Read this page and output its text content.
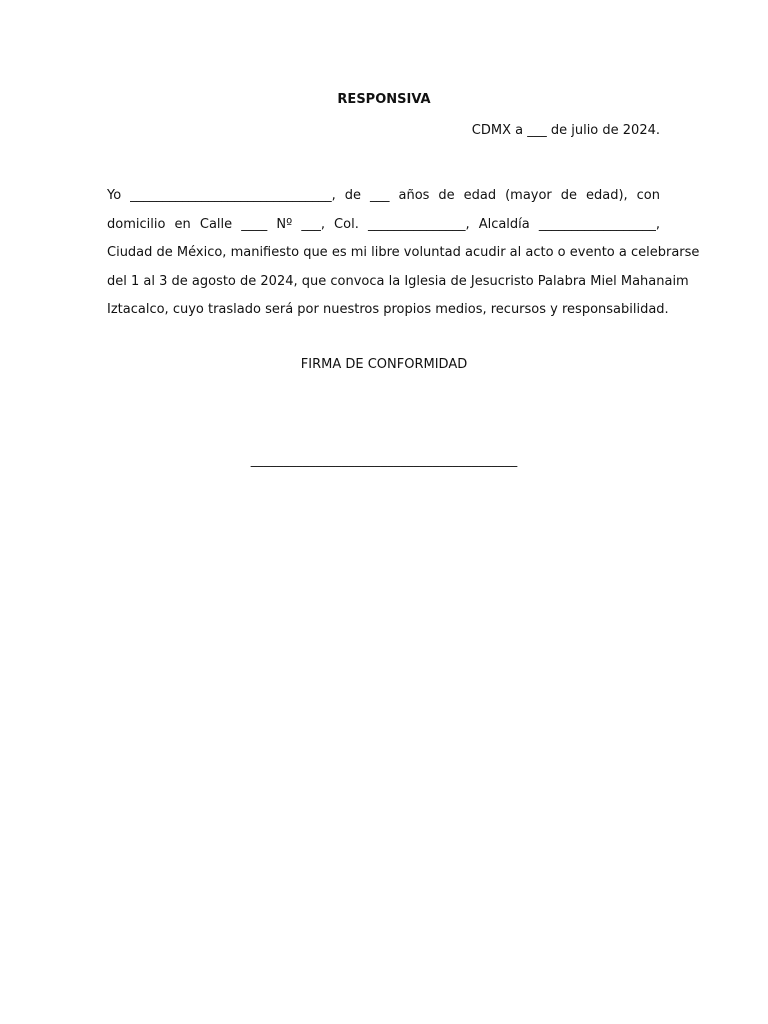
RESPONSIVA

CDMX a ___ de julio de 2024.

Yo _______________________________, de ___ años de edad (mayor de edad), con
domicilio en Calle ____ Nº ___, Col. _______________, Alcaldía __________________,
Ciudad de México, manifiesto que es mi libre voluntad acudir al acto o evento a celebrarse
del 1 al 3 de agosto de 2024, que convoca la Iglesia de Jesucristo Palabra Miel Mahanaim
Iztacalco, cuyo traslado será por nuestros propios medios, recursos y responsabilidad.

FIRMA DE CONFORMIDAD

_________________________________________
